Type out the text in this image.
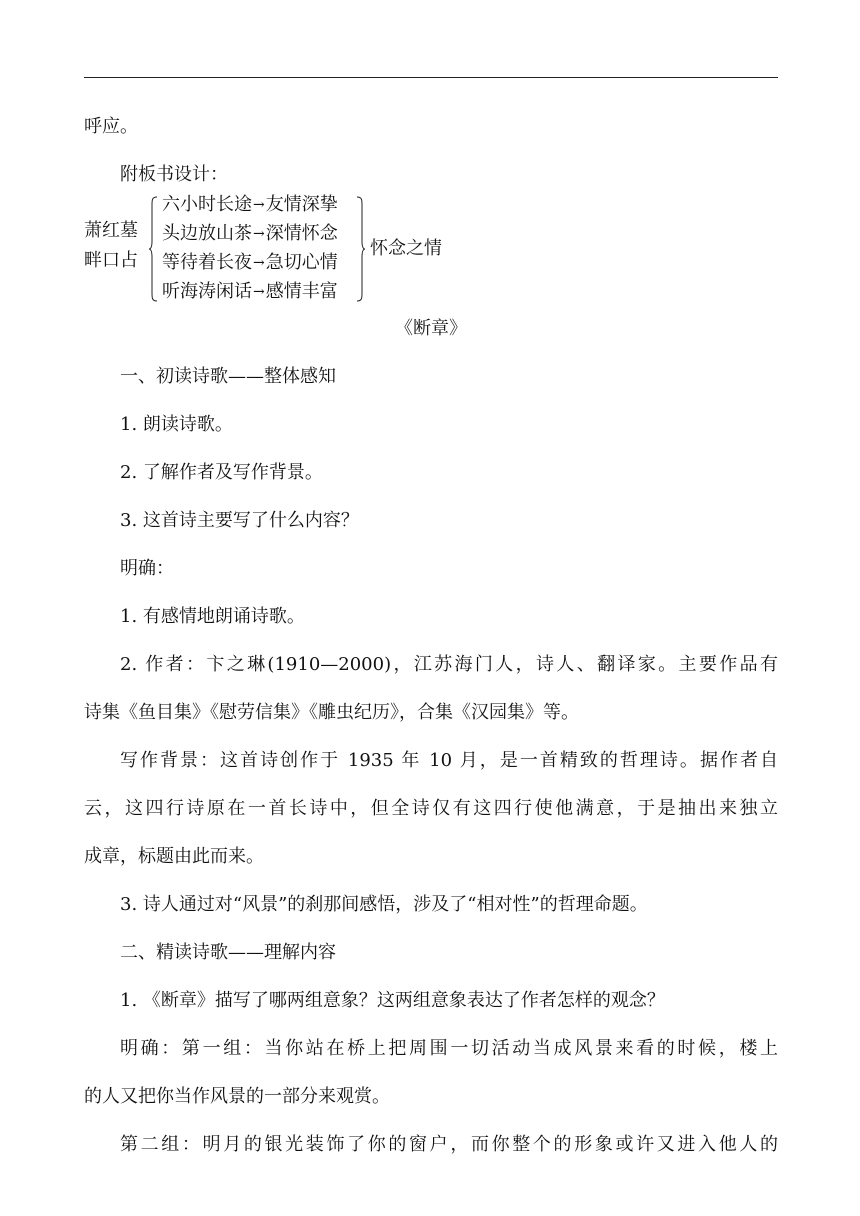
呼应。
附板书设计：
萧红墓
畔口占
六小时长途→友情深挚
头边放山茶→深情怀念
等待着长夜→急切心情
听海涛闲话→感情丰富
怀念之情
《断章》
一、初读诗歌——整体感知
1. 朗读诗歌。
2. 了解作者及写作背景。
3. 这首诗主要写了什么内容？
明确：
1. 有感情地朗诵诗歌。
2. 作者：卞之琳(1910—2000)，江苏海门人，诗人、翻译家。主要作品有
诗集《鱼目集》《慰劳信集》《雕虫纪历》，合集《汉园集》等。
写作背景：这首诗创作于 1935 年 10 月，是一首精致的哲理诗。据作者自
云，这四行诗原在一首长诗中，但全诗仅有这四行使他满意，于是抽出来独立
成章，标题由此而来。
3. 诗人通过对“风景”的刹那间感悟，涉及了“相对性”的哲理命题。
二、精读诗歌——理解内容
1. 《断章》描写了哪两组意象？这两组意象表达了作者怎样的观念？
明确：第一组：当你站在桥上把周围一切活动当成风景来看的时候，楼上
的人又把你当作风景的一部分来观赏。
第二组：明月的银光装饰了你的窗户，而你整个的形象或许又进入他人的
